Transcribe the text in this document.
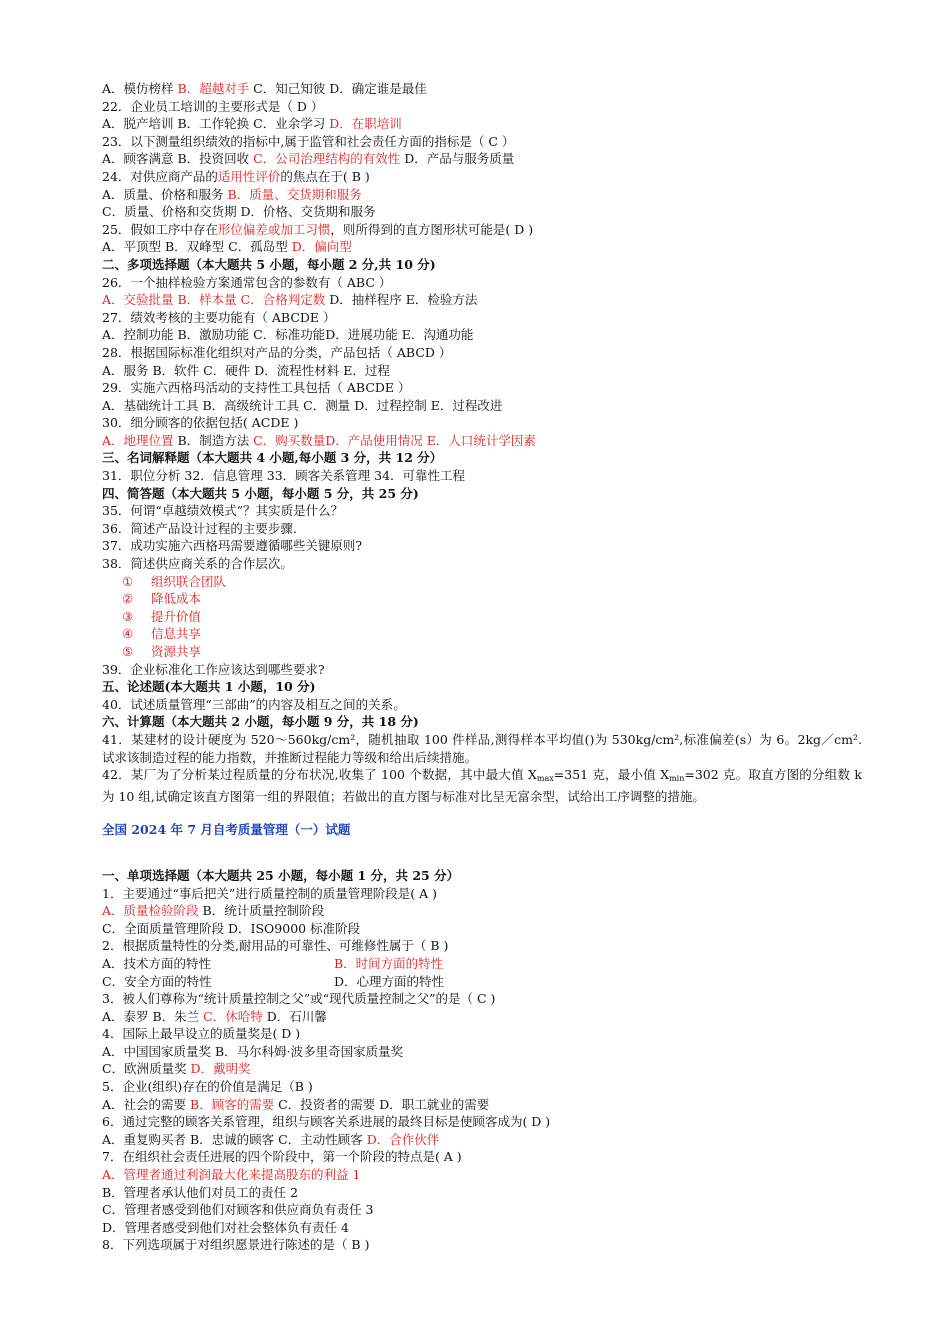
A．模仿榜样 B．超越对手 C．知己知彼 D．确定谁是最佳
22．企业员工培训的主要形式是（ D ）
A．脱产培训 B．工作轮换 C．业余学习 D．在职培训
23．以下测量组织绩效的指标中,属于监管和社会责任方面的指标是（ C ）
A．顾客满意 B．投资回收 C．公司治理结构的有效性 D．产品与服务质量
24．对供应商产品的适用性评价的焦点在于( B )
A．质量、价格和服务 B．质量、交货期和服务
C．质量、价格和交货期 D．价格、交货期和服务
25．假如工序中存在形位偏差或加工习惯，则所得到的直方图形状可能是( D )
A．平顶型 B．双峰型 C．孤岛型 D．偏向型
二、多项选择题（本大题共 5 小题，每小题 2 分,共 10 分)
26．一个抽样检验方案通常包含的参数有（ ABC ）
A．交验批量 B．样本量 C．合格判定数 D．抽样程序 E．检验方法
27．绩效考核的主要功能有（ ABCDE ）
A．控制功能 B．激励功能 C．标准功能D．进展功能 E．沟通功能
28．根据国际标准化组织对产品的分类，产品包括（ ABCD ）
A．服务 B．软件 C．硬件 D．流程性材料 E．过程
29．实施六西格玛活动的支持性工具包括（ ABCDE ）
A．基础统计工具 B．高级统计工具 C．测量 D．过程控制 E．过程改进
30．细分顾客的依据包括( ACDE )
A．地理位置 B．制造方法 C．购买数量D．产品使用情况 E．人口统计学因素
三、名词解释题（本大题共 4 小题,每小题 3 分，共 12 分）
31．职位分析 32．信息管理 33．顾客关系管理 34．可靠性工程
四、简答题（本大题共 5 小题，每小题 5 分，共 25 分)
35．何谓“卓越绩效模式”？其实质是什么？
36．简述产品设计过程的主要步骤.
37．成功实施六西格玛需要遵循哪些关键原则?
38．简述供应商关系的合作层次。
① 组织联合团队
② 降低成本
③ 提升价值
④ 信息共享
⑤ 资源共享
39．企业标准化工作应该达到哪些要求?
五、论述题(本大题共 1 小题，10 分)
40．试述质量管理“三部曲”的内容及相互之间的关系。
六、计算题（本大题共 2 小题，每小题 9 分，共 18 分)
41．某建材的设计硬度为 520～560kg/cm²，随机抽取 100 件样品,测得样本平均值()为 530kg/cm²,标准偏差(s）为 6。2kg／cm². 试求该制造过程的能力指数，并推断过程能力等级和给出后续措施。
42．某厂为了分析某过程质量的分布状况,收集了 100 个数据，其中最大值 $X_{max}=351$ 克，最小值 $X_{min}=302$ 克。取直方图的分组数 k 为 10 组,试确定该直方图第一组的界限值；若做出的直方图与标准对比呈无富余型，试给出工序调整的措施。
全国 2024 年 7 月自考质量管理（一）试题
一、单项选择题（本大题共 25 小题，每小题 1 分，共 25 分）
1．主要通过“事后把关”进行质量控制的质量管理阶段是( A )
A．质量检验阶段 B．统计质量控制阶段
C．全面质量管理阶段 D．ISO9000 标准阶段
2．根据质量特性的分类,耐用品的可靠性、可维修性属于（ B )
A．技术方面的特性	B．时间方面的特性
C．安全方面的特性	D．心理方面的特性
3．被人们尊称为“统计质量控制之父”或“现代质量控制之父”的是（ C )
A．泰罗 B．朱兰 C．休哈特 D．石川馨
4．国际上最早设立的质量奖是( D )
A．中国国家质量奖 B．马尔科姆·波多里奇国家质量奖
C．欧洲质量奖 D．戴明奖
5．企业(组织)存在的价值是满足（B )
A．社会的需要 B．顾客的需要 C．投资者的需要 D．职工就业的需要
6．通过完整的顾客关系管理，组织与顾客关系进展的最终目标是使顾客成为( D )
A．重复购买者 B．忠诚的顾客 C．主动性顾客 D．合作伙伴
7．在组织社会责任进展的四个阶段中，第一个阶段的特点是( A )
A．管理者通过利润最大化来提高股东的利益 1
B．管理者承认他们对员工的责任 2
C．管理者感受到他们对顾客和供应商负有责任 3
D．管理者感受到他们对社会整体负有责任 4
8．下列选项属于对组织愿景进行陈述的是（ B )
